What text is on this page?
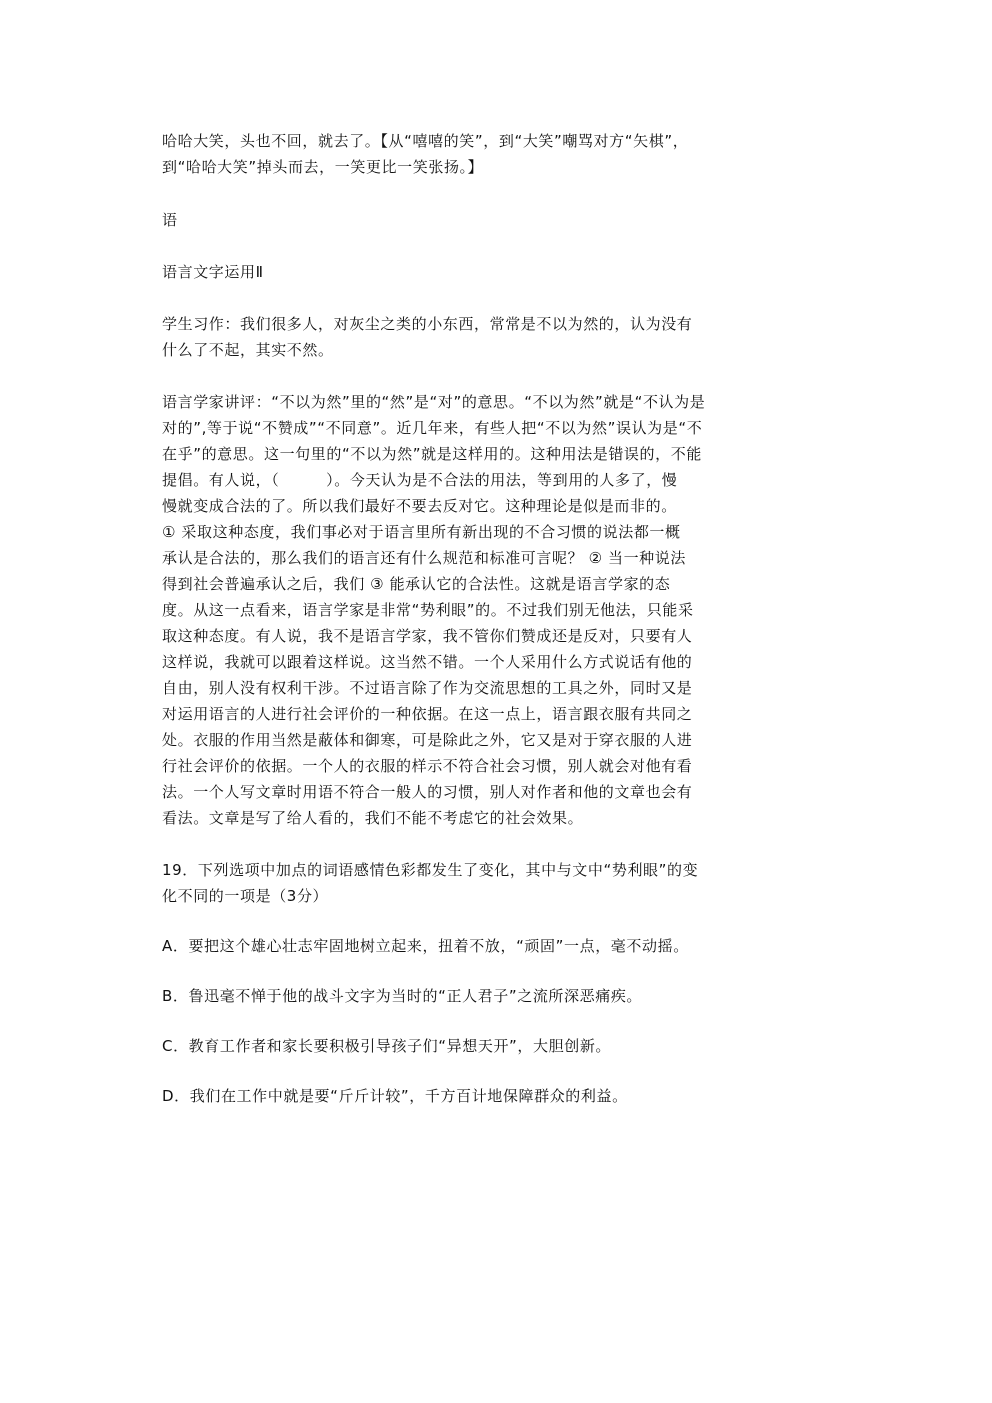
哈哈大笑，头也不回，就去了。【从“嘻嘻的笑”，到“大笑”嘲骂对方“矢棋”，
到“哈哈大笑”掉头而去，一笑更比一笑张扬。】

语

语言文字运用Ⅱ

学生习作：我们很多人，对灰尘之类的小东西，常常是不以为然的，认为没有
什么了不起，其实不然。

语言学家讲评：“不以为然”里的“然”是“对”的意思。“不以为然”就是“不认为是
对的”,等于说“不赞成”“不同意”。近几年来，有些人把“不以为然”误认为是“不
在乎”的意思。这一句里的“不以为然”就是这样用的。这种用法是错误的，不能
提倡。有人说，（　　　）。今天认为是不合法的用法，等到用的人多了，慢
慢就变成合法的了。所以我们最好不要去反对它。这种理论是似是而非的。
① 采取这种态度，我们事必对于语言里所有新出现的不合习惯的说法都一概
承认是合法的，那么我们的语言还有什么规范和标准可言呢？ ② 当一种说法
得到社会普遍承认之后，我们 ③ 能承认它的合法性。这就是语言学家的态
度。从这一点看来，语言学家是非常“势利眼”的。不过我们别无他法，只能采
取这种态度。有人说，我不是语言学家，我不管你们赞成还是反对，只要有人
这样说，我就可以跟着这样说。这当然不错。一个人采用什么方式说话有他的
自由，别人没有权利干涉。不过语言除了作为交流思想的工具之外，同时又是
对运用语言的人进行社会评价的一种依据。在这一点上，语言跟衣服有共同之
处。衣服的作用当然是蔽体和御寒，可是除此之外，它又是对于穿衣服的人进
行社会评价的依据。一个人的衣服的样示不符合社会习惯，别人就会对他有看
法。一个人写文章时用语不符合一般人的习惯，别人对作者和他的文章也会有
看法。文章是写了给人看的，我们不能不考虑它的社会效果。

19．下列选项中加点的词语感情色彩都发生了变化，其中与文中“势利眼”的变
化不同的一项是（3分）

A．要把这个雄心壮志牢固地树立起来，扭着不放，“顽固”一点，毫不动摇。

B．鲁迅毫不惮于他的战斗文字为当时的“正人君子”之流所深恶痛疾。

C．教育工作者和家长要积极引导孩子们“异想天开”，大胆创新。

D．我们在工作中就是要“斤斤计较”，千方百计地保障群众的利益。
